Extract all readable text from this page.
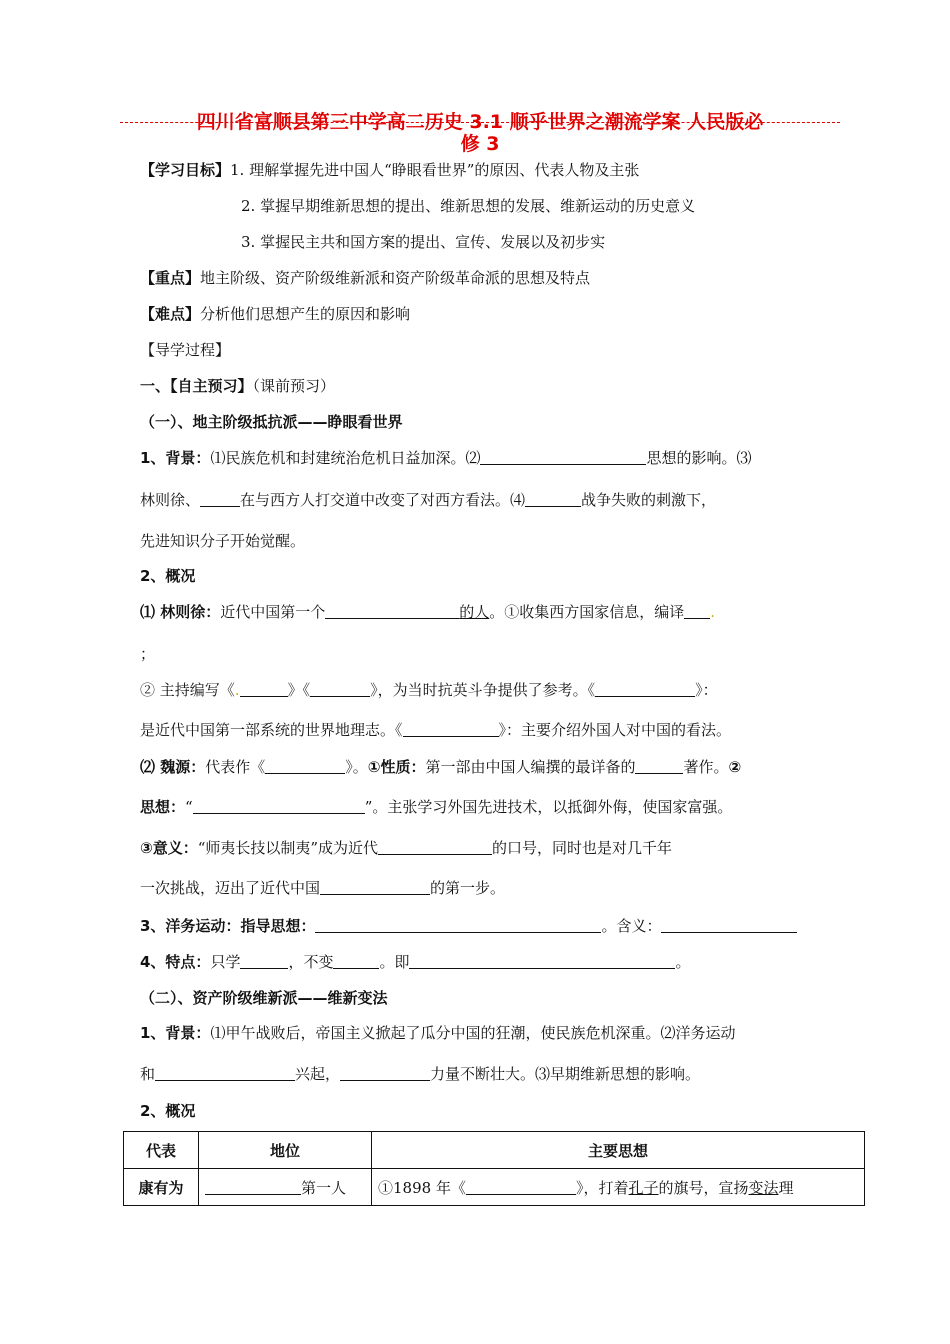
四川省富顺县第三中学高二历史 3.1 顺乎世界之潮流学案 人民版必
修 3
【学习目标】1. 理解掌握先进中国人“睁眼看世界”的原因、代表人物及主张
2. 掌握早期维新思想的提出、维新思想的发展、维新运动的历史意义
3. 掌握民主共和国方案的提出、宣传、发展以及初步实
【重点】地主阶级、资产阶级维新派和资产阶级革命派的思想及特点
【难点】分析他们思想产生的原因和影响
【导学过程】
一、【自主预习】（课前预习）
（一）、地主阶级抵抗派——睁眼看世界
1、背景：⑴民族危机和封建统治危机日益加深。⑵	思想的影响。⑶
林则徐、	在与西方人打交道中改变了对西方看法。⑷	战争失败的刺激下，
先进知识分子开始觉醒。
2、概况
⑴ 林则徐：近代中国第一个	的人。①收集西方国家信息，编译 .
；
② 主持编写《.	》《	》，为当时抗英斗争提供了参考。《	》：
是近代中国第一部系统的世界地理志。《	》：主要介绍外国人对中国的看法。
⑵ 魏源：代表作《	》。①性质：第一部由中国人编撰的最详备的	著作。②
思想：“	”。主张学习外国先进技术，以抵御外侮，使国家富强。
③意义：“师夷长技以制夷”成为近代	的口号，同时也是对几千年
一次挑战，迈出了近代中国	的第一步。
3、洋务运动：指导思想：	。含义：
4、特点：只学	，不变	。即	。
（二）、资产阶级维新派——维新变法
1、背景：⑴甲午战败后，帝国主义掀起了瓜分中国的狂潮，使民族危机深重。⑵洋务运动
和	兴起，	力量不断壮大。⑶早期维新思想的影响。
2、概况
代表	地位	主要思想
康有为	第一人	①1898 年《 》，打着孔子的旗号，宣扬变法理
